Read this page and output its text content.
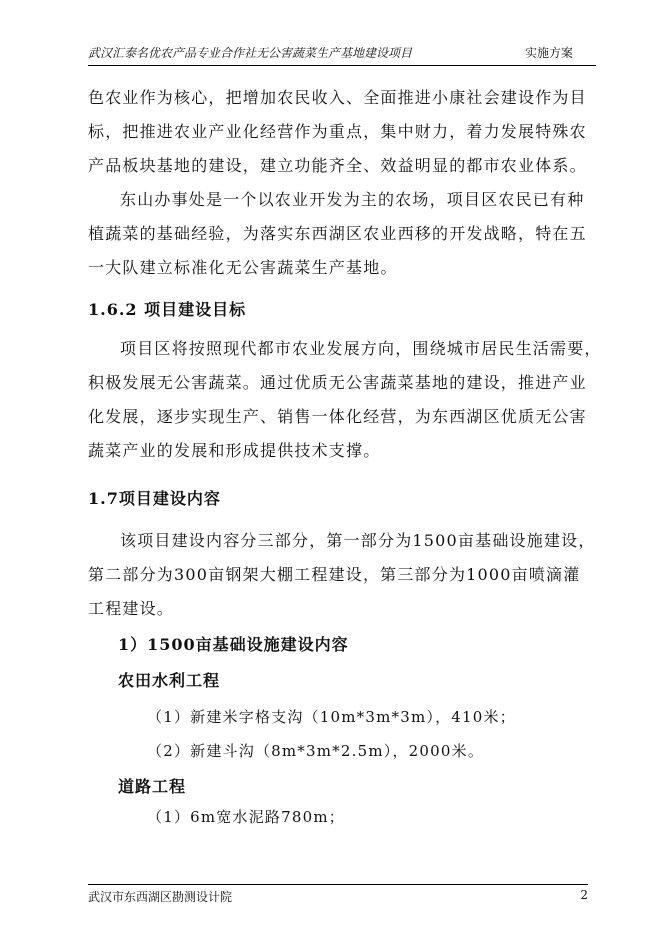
武汉汇泰名优农产品专业合作社无公害蔬菜生产基地建设项目	实施方案
色农业作为核心，把增加农民收入、全面推进小康社会建设作为目
标，把推进农业产业化经营作为重点，集中财力，着力发展特殊农
产品板块基地的建设，建立功能齐全、效益明显的都市农业体系。
东山办事处是一个以农业开发为主的农场，项目区农民已有种
植蔬菜的基础经验，为落实东西湖区农业西移的开发战略，特在五
一大队建立标准化无公害蔬菜生产基地。
1.6.2 项目建设目标
项目区将按照现代都市农业发展方向，围绕城市居民生活需要，
积极发展无公害蔬菜。通过优质无公害蔬菜基地的建设，推进产业
化发展，逐步实现生产、销售一体化经营，为东西湖区优质无公害
蔬菜产业的发展和形成提供技术支撑。
1.7项目建设内容
该项目建设内容分三部分，第一部分为1500亩基础设施建设，
第二部分为300亩钢架大棚工程建设，第三部分为1000亩喷滴灌
工程建设。
1）1500亩基础设施建设内容
农田水利工程
（1）新建米字格支沟（10m*3m*3m），410米；
（2）新建斗沟（8m*3m*2.5m），2000米。
道路工程
（1）6m宽水泥路780m；
武汉市东西湖区勘测设计院	2
